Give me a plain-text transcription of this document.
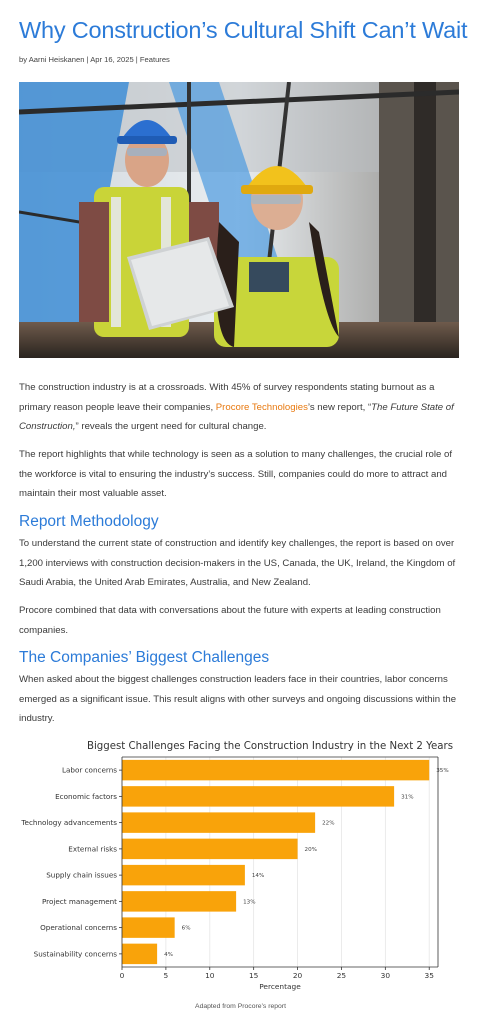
Why Construction’s Cultural Shift Can’t Wait
by Aarni Heiskanen | Apr 16, 2025 | Features

The construction industry is at a crossroads. With 45% of survey respondents stating burnout as a primary reason people leave their companies, Procore Technologies’s new report, “The Future State of Construction,” reveals the urgent need for cultural change.

The report highlights that while technology is seen as a solution to many challenges, the crucial role of the workforce is vital to ensuring the industry’s success. Still, companies could do more to attract and maintain their most valuable asset.

Report Methodology

To understand the current state of construction and identify key challenges, the report is based on over 1,200 interviews with construction decision-makers in the US, Canada, the UK, Ireland, the Kingdom of Saudi Arabia, the United Arab Emirates, Australia, and New Zealand.

Procore combined that data with conversations about the future with experts at leading construction companies.

The Companies’ Biggest Challenges

When asked about the biggest challenges construction leaders face in their countries, labor concerns emerged as a significant issue. This result aligns with other surveys and ongoing discussions within the industry.

Biggest Challenges Facing the Construction Industry in the Next 2 Years
0	5	10	15	20	25	30	35
Labor concerns	35%
Economic factors	31%
Technology advancements	22%
External risks	20%
Supply chain issues	14%
Project management	13%
Operational concerns	6%
Sustainability concerns	4%
Percentage
Adapted from Procore’s report
